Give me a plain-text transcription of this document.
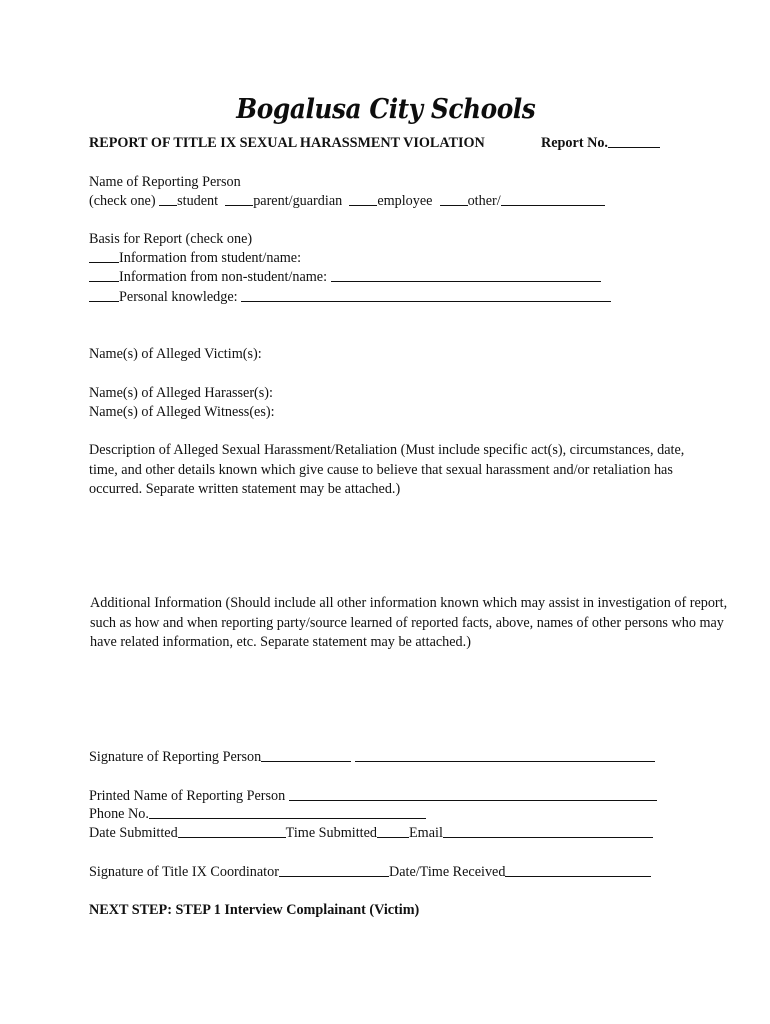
Bogalusa City Schools
REPORT OF TITLE IX SEXUAL HARASSMENT VIOLATION	Report No.
Name of Reporting Person
(check one) student parent/guardian employee other/
Basis for Report (check one)
Information from student/name:
Information from non-student/name:
Personal knowledge:
Name(s) of Alleged Victim(s):
Name(s) of Alleged Harasser(s):
Name(s) of Alleged Witness(es):
Description of Alleged Sexual Harassment/Retaliation (Must include specific act(s), circumstances, date,
time, and other details known which give cause to believe that sexual harassment and/or retaliation has
occurred. Separate written statement may be attached.)
Additional Information (Should include all other information known which may assist in investigation of report,
such as how and when reporting party/source learned of reported facts, above, names of other persons who may
have related information, etc. Separate statement may be attached.)
Signature of Reporting Person
Printed Name of Reporting Person
Phone No.
Date Submitted	Time Submitted Email
Signature of Title IX Coordinator	Date/Time Received
NEXT STEP: STEP 1 Interview Complainant (Victim)
